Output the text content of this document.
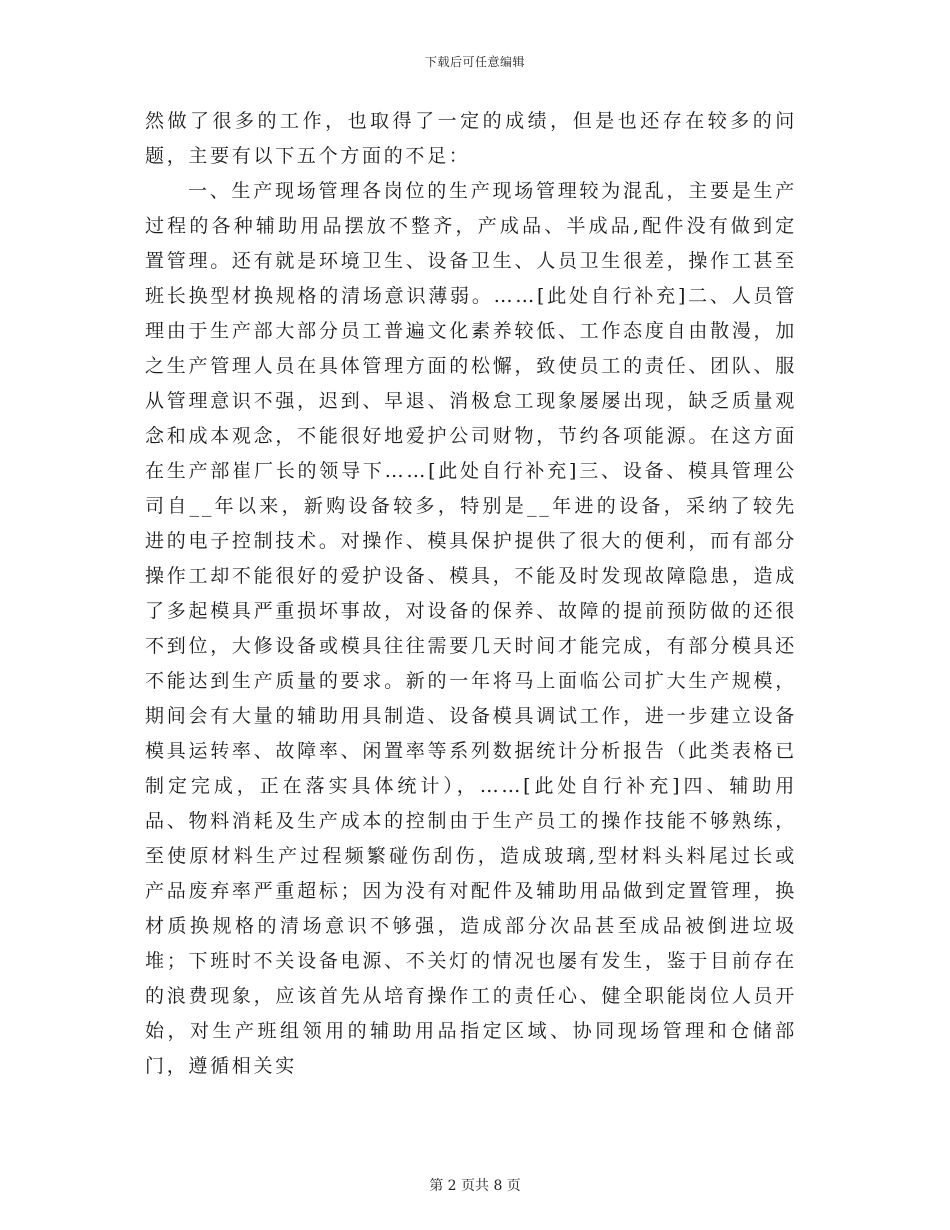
下载后可任意编辑

然做了很多的工作，也取得了一定的成绩，但是也还存在较多的问题，主要有以下五个方面的不足：

一、生产现场管理各岗位的生产现场管理较为混乱，主要是生产过程的各种辅助用品摆放不整齐，产成品、半成品,配件没有做到定置管理。还有就是环境卫生、设备卫生、人员卫生很差，操作工甚至班长换型材换规格的清场意识薄弱。……[此处自行补充]二、人员管理由于生产部大部分员工普遍文化素养较低、工作态度自由散漫，加之生产管理人员在具体管理方面的松懈，致使员工的责任、团队、服从管理意识不强，迟到、早退、消极怠工现象屡屡出现，缺乏质量观念和成本观念，不能很好地爱护公司财物，节约各项能源。在这方面在生产部崔厂长的领导下……[此处自行补充]三、设备、模具管理公司自__年以来，新购设备较多，特别是__年进的设备，采纳了较先进的电子控制技术。对操作、模具保护提供了很大的便利，而有部分操作工却不能很好的爱护设备、模具，不能及时发现故障隐患，造成了多起模具严重损坏事故，对设备的保养、故障的提前预防做的还很不到位，大修设备或模具往往需要几天时间才能完成，有部分模具还不能达到生产质量的要求。新的一年将马上面临公司扩大生产规模，期间会有大量的辅助用具制造、设备模具调试工作，进一步建立设备模具运转率、故障率、闲置率等系列数据统计分析报告（此类表格已制定完成，正在落实具体统计），……[此处自行补充]四、辅助用品、物料消耗及生产成本的控制由于生产员工的操作技能不够熟练，至使原材料生产过程频繁碰伤刮伤，造成玻璃,型材料头料尾过长或产品废弃率严重超标；因为没有对配件及辅助用品做到定置管理，换材质换规格的清场意识不够强，造成部分次品甚至成品被倒进垃圾堆；下班时不关设备电源、不关灯的情况也屡有发生，鉴于目前存在的浪费现象，应该首先从培育操作工的责任心、健全职能岗位人员开始，对生产班组领用的辅助用品指定区域、协同现场管理和仓储部门，遵循相关实

第 2 页共 8 页
